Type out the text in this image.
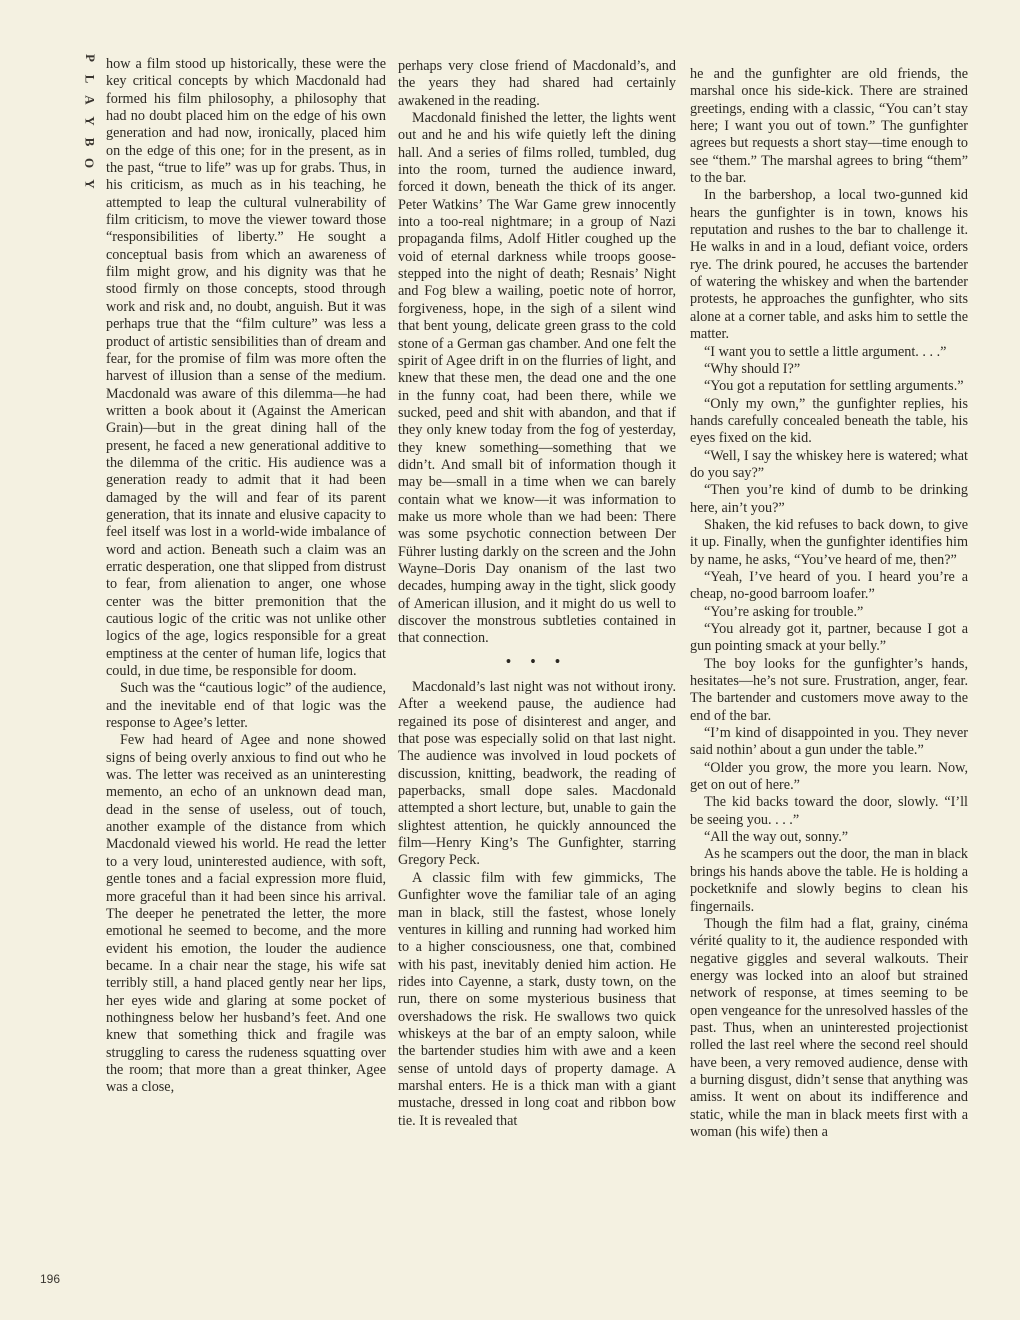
P
L
A
Y
B
O
Y

how a film stood up historically, these were the key critical concepts by which Macdonald had formed his film philosophy, a philosophy that had no doubt placed him on the edge of his own generation and had now, ironically, placed him on the edge of this one; for in the present, as in the past, “true to life” was up for grabs. Thus, in his criticism, as much as in his teaching, he attempted to leap the cultural vulnerability of film criticism, to move the viewer toward those “responsibilities of liberty.” He sought a conceptual basis from which an awareness of film might grow, and his dignity was that he stood firmly on those concepts, stood through work and risk and, no doubt, anguish. But it was perhaps true that the “film culture” was less a product of artistic sensibilities than of dream and fear, for the promise of film was more often the harvest of illusion than a sense of the medium. Macdonald was aware of this dilemma—he had written a book about it (Against the American Grain)—but in the great dining hall of the present, he faced a new generational additive to the dilemma of the critic. His audience was a generation ready to admit that it had been damaged by the will and fear of its parent generation, that its innate and elusive capacity to feel itself was lost in a world-wide imbalance of word and action. Beneath such a claim was an erratic desperation, one that slipped from distrust to fear, from alienation to anger, one whose center was the bitter premonition that the cautious logic of the critic was not unlike other logics of the age, logics responsible for a great emptiness at the center of human life, logics that could, in due time, be responsible for doom.

Such was the “cautious logic” of the audience, and the inevitable end of that logic was the response to Agee’s letter.

Few had heard of Agee and none showed signs of being overly anxious to find out who he was. The letter was received as an uninteresting memento, an echo of an unknown dead man, dead in the sense of useless, out of touch, another example of the distance from which Macdonald viewed his world. He read the letter to a very loud, uninterested audience, with soft, gentle tones and a facial expression more fluid, more graceful than it had been since his arrival. The deeper he penetrated the letter, the more emotional he seemed to become, and the more evident his emotion, the louder the audience became. In a chair near the stage, his wife sat terribly still, a hand placed gently near her lips, her eyes wide and glaring at some pocket of nothingness below her husband’s feet. And one knew that something thick and fragile was struggling to caress the rudeness squatting over the room; that more than a great thinker, Agee was a close,

perhaps very close friend of Macdonald’s, and the years they had shared had certainly awakened in the reading.

Macdonald finished the letter, the lights went out and he and his wife quietly left the dining hall. And a series of films rolled, tumbled, dug into the room, turned the audience inward, forced it down, beneath the thick of its anger. Peter Watkins’ The War Game grew innocently into a too-real nightmare; in a group of Nazi propaganda films, Adolf Hitler coughed up the void of eternal darkness while troops goose-stepped into the night of death; Resnais’ Night and Fog blew a wailing, poetic note of horror, forgiveness, hope, in the sigh of a silent wind that bent young, delicate green grass to the cold stone of a German gas chamber. And one felt the spirit of Agee drift in on the flurries of light, and knew that these men, the dead one and the one in the funny coat, had been there, while we sucked, peed and shit with abandon, and that if they only knew today from the fog of yesterday, they knew something—something that we didn’t. And small bit of information though it may be—small in a time when we can barely contain what we know—it was information to make us more whole than we had been: There was some psychotic connection between Der Führer lusting darkly on the screen and the John Wayne–Doris Day onanism of the last two decades, humping away in the tight, slick goody of American illusion, and it might do us well to discover the monstrous subtleties contained in that connection.

• • •

Macdonald’s last night was not without irony. After a weekend pause, the audience had regained its pose of disinterest and anger, and that pose was especially solid on that last night. The audience was involved in loud pockets of discussion, knitting, beadwork, the reading of paperbacks, small dope sales. Macdonald attempted a short lecture, but, unable to gain the slightest attention, he quickly announced the film—Henry King’s The Gunfighter, starring Gregory Peck.

A classic film with few gimmicks, The Gunfighter wove the familiar tale of an aging man in black, still the fastest, whose lonely ventures in killing and running had worked him to a higher consciousness, one that, combined with his past, inevitably denied him action. He rides into Cayenne, a stark, dusty town, on the run, there on some mysterious business that overshadows the risk. He swallows two quick whiskeys at the bar of an empty saloon, while the bartender studies him with awe and a keen sense of untold days of property damage. A marshal enters. He is a thick man with a giant mustache, dressed in long coat and ribbon bow tie. It is revealed that

he and the gunfighter are old friends, the marshal once his side-kick. There are strained greetings, ending with a classic, “You can’t stay here; I want you out of town.” The gunfighter agrees but requests a short stay—time enough to see “them.” The marshal agrees to bring “them” to the bar.

In the barbershop, a local two-gunned kid hears the gunfighter is in town, knows his reputation and rushes to the bar to challenge it. He walks in and in a loud, defiant voice, orders rye. The drink poured, he accuses the bartender of watering the whiskey and when the bartender protests, he approaches the gunfighter, who sits alone at a corner table, and asks him to settle the matter.

“I want you to settle a little argument. . . .”

“Why should I?”

“You got a reputation for settling arguments.”

“Only my own,” the gunfighter replies, his hands carefully concealed beneath the table, his eyes fixed on the kid.

“Well, I say the whiskey here is watered; what do you say?”

“Then you’re kind of dumb to be drinking here, ain’t you?”

Shaken, the kid refuses to back down, to give it up. Finally, when the gunfighter identifies him by name, he asks, “You’ve heard of me, then?”

“Yeah, I’ve heard of you. I heard you’re a cheap, no-good barroom loafer.”

“You’re asking for trouble.”

“You already got it, partner, because I got a gun pointing smack at your belly.”

The boy looks for the gunfighter’s hands, hesitates—he’s not sure. Frustration, anger, fear. The bartender and customers move away to the end of the bar.

“I’m kind of disappointed in you. They never said nothin’ about a gun under the table.”

“Older you grow, the more you learn. Now, get on out of here.”

The kid backs toward the door, slowly. “I’ll be seeing you. . . .”

“All the way out, sonny.”

As he scampers out the door, the man in black brings his hands above the table. He is holding a pocketknife and slowly begins to clean his fingernails.

Though the film had a flat, grainy, cinéma vérité quality to it, the audience responded with negative giggles and several walkouts. Their energy was locked into an aloof but strained network of response, at times seeming to be open vengeance for the unresolved hassles of the past. Thus, when an uninterested projectionist rolled the last reel where the second reel should have been, a very removed audience, dense with a burning disgust, didn’t sense that anything was amiss. It went on about its indifference and static, while the man in black meets first with a woman (his wife) then a

196
